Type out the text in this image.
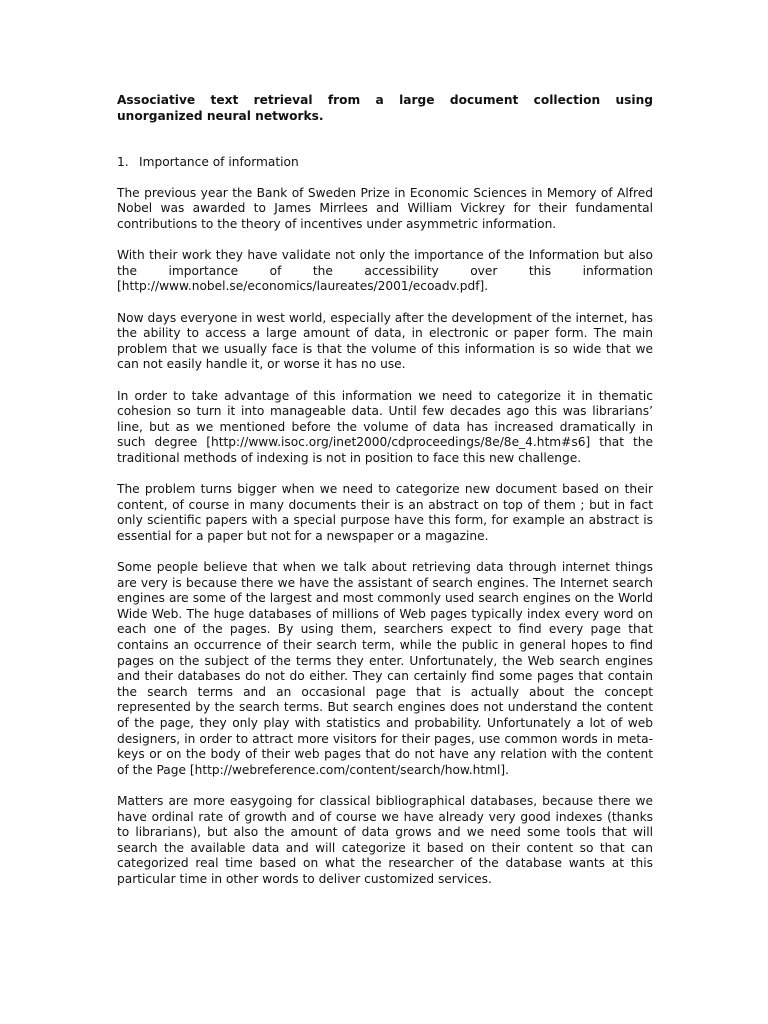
Associative text retrieval from a large document collection using unorganized neural networks.
1. Importance of information

The previous year the Bank of Sweden Prize in Economic Sciences in Memory of Alfred Nobel was awarded to James Mirrlees and William Vickrey for their fundamental contributions to the theory of incentives under asymmetric information.

With their work they have validate not only the importance of the Information but also the importance of the accessibility over this information [http://www.nobel.se/economics/laureates/2001/ecoadv.pdf].

Now days everyone in west world, especially after the development of the internet, has the ability to access a large amount of data, in electronic or paper form. The main problem that we usually face is that the volume of this information is so wide that we can not easily handle it, or worse it has no use.

In order to take advantage of this information we need to categorize it in thematic cohesion so turn it into manageable data. Until few decades ago this was librarians’ line, but as we mentioned before the volume of data has increased dramatically in such degree [http://www.isoc.org/inet2000/cdproceedings/8e/8e_4.htm#s6] that the traditional methods of indexing is not in position to face this new challenge.

The problem turns bigger when we need to categorize new document based on their content, of course in many documents their is an abstract on top of them ; but in fact only scientific papers with a special purpose have this form, for example an abstract is essential for a paper but not for a newspaper or a magazine.

Some people believe that when we talk about retrieving data through internet things are very is because there we have the assistant of search engines. The Internet search engines are some of the largest and most commonly used search engines on the World Wide Web. The huge databases of millions of Web pages typically index every word on each one of the pages. By using them, searchers expect to find every page that contains an occurrence of their search term, while the public in general hopes to find pages on the subject of the terms they enter. Unfortunately, the Web search engines and their databases do not do either. They can certainly find some pages that contain the search terms and an occasional page that is actually about the concept represented by the search terms. But search engines does not understand the content of the page, they only play with statistics and probability. Unfortunately a lot of web designers, in order to attract more visitors for their pages, use common words in meta-keys or on the body of their web pages that do not have any relation with the content of the Page [http://webreference.com/content/search/how.html].

Matters are more easygoing for classical bibliographical databases, because there we have ordinal rate of growth and of course we have already very good indexes (thanks to librarians), but also the amount of data grows and we need some tools that will search the available data and will categorize it based on their content so that can categorized real time based on what the researcher of the database wants at this particular time in other words to deliver customized services.
